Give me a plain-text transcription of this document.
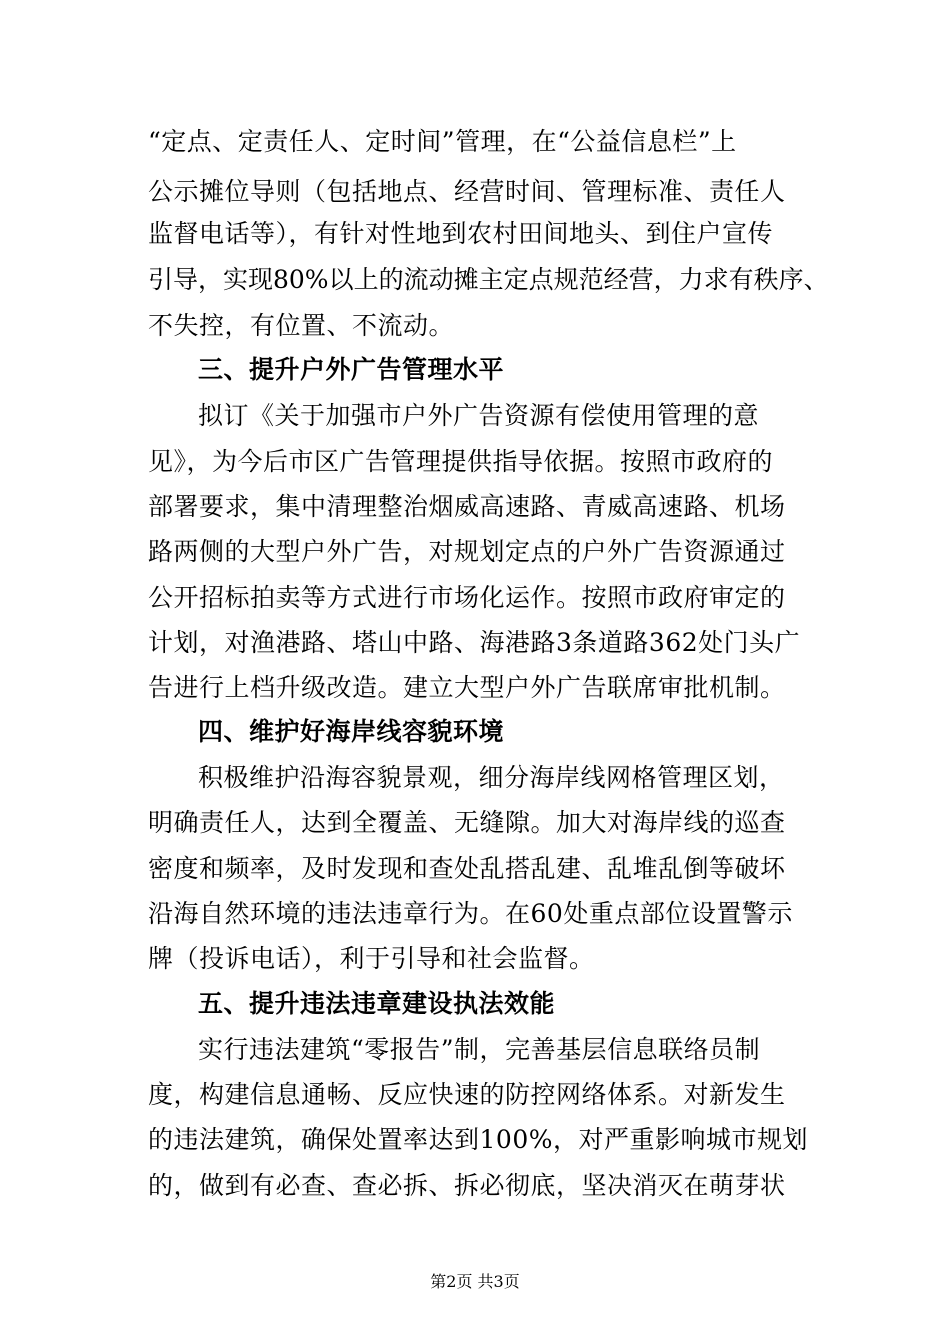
“定点、定责任人、定时间”管理，在“公益信息栏”上
公示摊位导则（包括地点、经营时间、管理标准、责任人
监督电话等），有针对性地到农村田间地头、到住户宣传
引导，实现80%以上的流动摊主定点规范经营，力求有秩序、
不失控，有位置、不流动。
三、提升户外广告管理水平
拟订《关于加强市户外广告资源有偿使用管理的意
见》，为今后市区广告管理提供指导依据。按照市政府的
部署要求，集中清理整治烟威高速路、青威高速路、机场
路两侧的大型户外广告，对规划定点的户外广告资源通过
公开招标拍卖等方式进行市场化运作。按照市政府审定的
计划，对渔港路、塔山中路、海港路3条道路362处门头广
告进行上档升级改造。建立大型户外广告联席审批机制。
四、维护好海岸线容貌环境
积极维护沿海容貌景观，细分海岸线网格管理区划，
明确责任人，达到全覆盖、无缝隙。加大对海岸线的巡查
密度和频率，及时发现和查处乱搭乱建、乱堆乱倒等破坏
沿海自然环境的违法违章行为。在60处重点部位设置警示
牌（投诉电话），利于引导和社会监督。
五、提升违法违章建设执法效能
实行违法建筑“零报告”制，完善基层信息联络员制
度，构建信息通畅、反应快速的防控网络体系。对新发生
的违法建筑，确保处置率达到100%，对严重影响城市规划
的，做到有必查、查必拆、拆必彻底，坚决消灭在萌芽状
第2页 共3页
